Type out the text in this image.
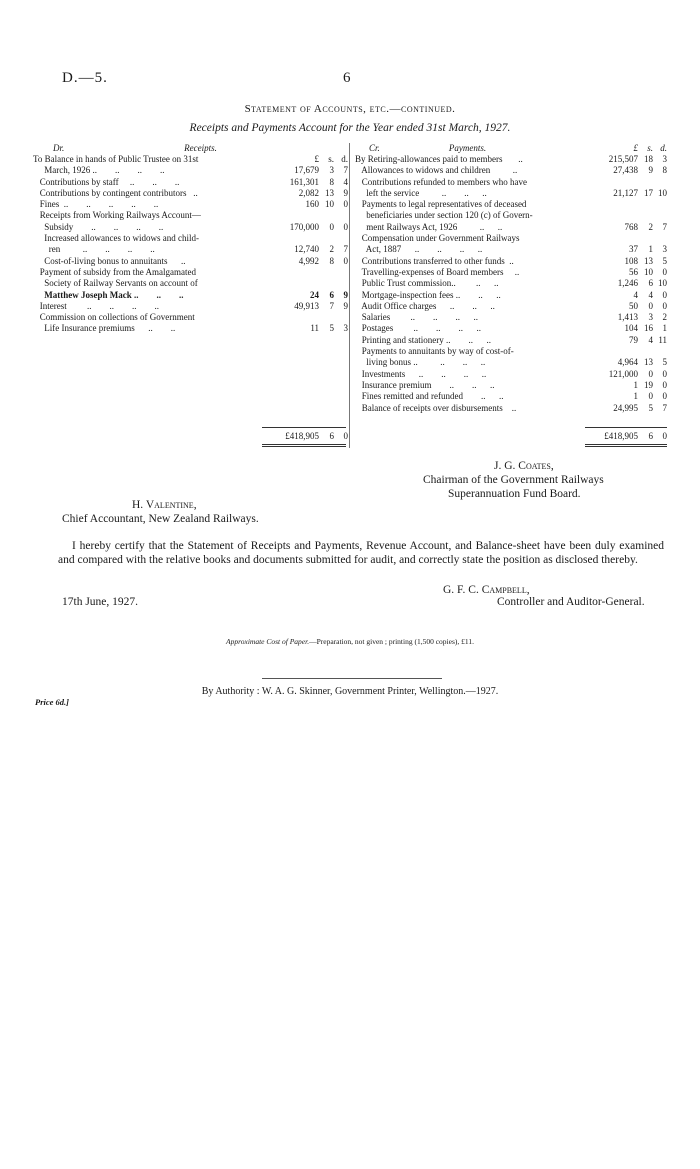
D.—5.	6
Statement of Accounts, etc.—continued.
Receipts and Payments Account for the Year ended 31st March, 1927.
Dr.	Receipts.
To Balance in hands of Public Trustee on 31st	£	s. d.
March, 1926 ..        ..        ..        ..	17,679	3	7
Contributions by staff     ..        ..        ..	161,301	8	4
Contributions by contingent contributors   ..	2,082 13	9
Fines  ..        ..        ..        ..        ..	160 10	0
Receipts from Working Railways Account—
Subsidy        ..        ..        ..        ..	170,000	0	0
Increased allowances to widows and child-
ren          ..        ..        ..        ..	12,740	2	7
Cost-of-living bonus to annuitants      ..	4,992	8	0
Payment of subsidy from the Amalgamated
Society of Railway Servants on account of
Matthew Joseph Mack ..        ..        ..	24	6	9
Interest         ..        ..        ..        ..	49,913	7	9
Commission on collections of Government
Life Insurance premiums      ..        ..	11	5	3
Cr.	Payments.	£	s. d.
By Retiring-allowances paid to members       ..	215,507 18	3
Allowances to widows and children          ..	27,438	9	8
Contributions refunded to members who have
left the service          ..        ..      ..	21,127 17 10
Payments to legal representatives of deceased
beneficiaries under section 120 (c) of Govern-
ment Railways Act, 1926          ..      ..	768	2	7
Compensation under Government Railways
Act, 1887      ..        ..        ..      ..	37	1	3
Contributions transferred to other funds  ..	108 13	5
Travelling-expenses of Board members     ..	56 10	0
Public Trust commission..         ..      ..	1,246	6 10
Mortgage-inspection fees ..        ..      ..	4	4	0
Audit Office charges      ..        ..      ..	50	0	0
Salaries         ..        ..        ..      ..	1,413	3	2
Postages         ..        ..        ..      ..	104 16	1
Printing and stationery ..        ..      ..	79	4 11
Payments to annuitants by way of cost-of-
living bonus ..          ..        ..      ..	4,964 13	5
Investments      ..        ..        ..      ..	121,000	0	0
Insurance premium        ..        ..      ..	1 19	0
Fines remitted and refunded        ..      ..	1	0	0
Balance of receipts over disbursements    ..	24,995	5	7
£418,905	6	0	£418,905	6	0
J. G. Coates,
Chairman of the Government Railways
Superannuation Fund Board.
H. Valentine,
Chief Accountant, New Zealand Railways.
I hereby certify that the Statement of Receipts and Payments, Revenue Account, and Balance-sheet have been duly examined and compared with the relative books and documents submitted for audit, and correctly state the position as disclosed thereby.
G. F. C. Campbell,
17th June, 1927.	Controller and Auditor-General.
Approximate Cost of Paper.—Preparation, not given ; printing (1,500 copies), £11.
By Authority : W. A. G. Skinner, Government Printer, Wellington.—1927.
Price 6d.]
